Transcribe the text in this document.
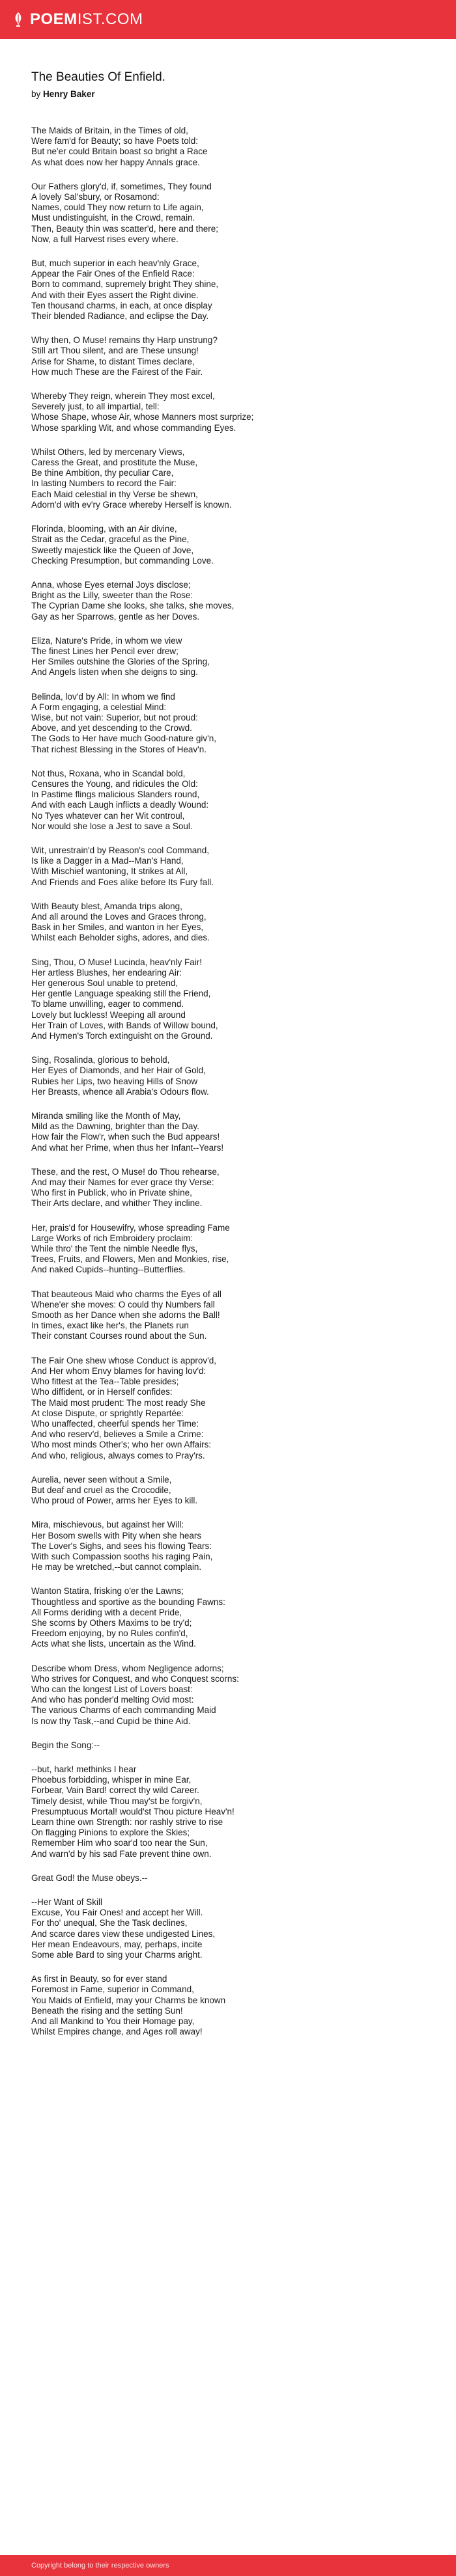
POEMIST.COM
The Beauties Of Enfield.
by Henry Baker
The Maids of Britain, in the Times of old,
Were fam'd for Beauty; so have Poets told:
But ne'er could Britain boast so bright a Race
As what does now her happy Annals grace.
Our Fathers glory'd, if, sometimes, They found
A lovely Sal'sbury, or Rosamond:
Names, could They now return to Life again,
Must undistinguisht, in the Crowd, remain.
Then, Beauty thin was scatter'd, here and there;
Now, a full Harvest rises every where.
But, much superior in each heav'nly Grace,
Appear the Fair Ones of the Enfield Race:
Born to command, supremely bright They shine,
And with their Eyes assert the Right divine.
Ten thousand charms, in each, at once display
Their blended Radiance, and eclipse the Day.
Why then, O Muse! remains thy Harp unstrung?
Still art Thou silent, and are These unsung!
Arise for Shame, to distant Times declare,
How much These are the Fairest of the Fair.
Whereby They reign, wherein They most excel,
Severely just, to all impartial, tell:
Whose Shape, whose Air, whose Manners most surprize;
Whose sparkling Wit, and whose commanding Eyes.
Whilst Others, led by mercenary Views,
Caress the Great, and prostitute the Muse,
Be thine Ambition, thy peculiar Care,
In lasting Numbers to record the Fair:
Each Maid celestial in thy Verse be shewn,
Adorn'd with ev'ry Grace whereby Herself is known.
Florinda, blooming, with an Air divine,
Strait as the Cedar, graceful as the Pine,
Sweetly majestick like the Queen of Jove,
Checking Presumption, but commanding Love.
Anna, whose Eyes eternal Joys disclose;
Bright as the Lilly, sweeter than the Rose:
The Cyprian Dame she looks, she talks, she moves,
Gay as her Sparrows, gentle as her Doves.
Eliza, Nature's Pride, in whom we view
The finest Lines her Pencil ever drew;
Her Smiles outshine the Glories of the Spring,
And Angels listen when she deigns to sing.
Belinda, lov'd by All: In whom we find
A Form engaging, a celestial Mind:
Wise, but not vain: Superior, but not proud:
Above, and yet descending to the Crowd.
The Gods to Her have much Good-nature giv'n,
That richest Blessing in the Stores of Heav'n.
Not thus, Roxana, who in Scandal bold,
Censures the Young, and ridicules the Old:
In Pastime flings malicious Slanders round,
And with each Laugh inflicts a deadly Wound:
No Tyes whatever can her Wit controul,
Nor would she lose a Jest to save a Soul.
Wit, unrestrain'd by Reason's cool Command,
Is like a Dagger in a Mad--Man's Hand,
With Mischief wantoning, It strikes at All,
And Friends and Foes alike before Its Fury fall.
With Beauty blest, Amanda trips along,
And all around the Loves and Graces throng,
Bask in her Smiles, and wanton in her Eyes,
Whilst each Beholder sighs, adores, and dies.
Sing, Thou, O Muse! Lucinda, heav'nly Fair!
Her artless Blushes, her endearing Air:
Her generous Soul unable to pretend,
Her gentle Language speaking still the Friend,
To blame unwilling, eager to commend.
Lovely but luckless! Weeping all around
Her Train of Loves, with Bands of Willow bound,
And Hymen's Torch extinguisht on the Ground.
Sing, Rosalinda, glorious to behold,
Her Eyes of Diamonds, and her Hair of Gold,
Rubies her Lips, two heaving Hills of Snow
Her Breasts, whence all Arabia's Odours flow.
Miranda smiling like the Month of May,
Mild as the Dawning, brighter than the Day.
How fair the Flow'r, when such the Bud appears!
And what her Prime, when thus her Infant--Years!
These, and the rest, O Muse! do Thou rehearse,
And may their Names for ever grace thy Verse:
Who first in Publick, who in Private shine,
Their Arts declare, and whither They incline.
Her, prais'd for Housewifry, whose spreading Fame
Large Works of rich Embroidery proclaim:
While thro' the Tent the nimble Needle flys,
Trees, Fruits, and Flowers, Men and Monkies, rise,
And naked Cupids--hunting--Butterflies.
That beauteous Maid who charms the Eyes of all
Whene'er she moves: O could thy Numbers fall
Smooth as her Dance when she adorns the Ball!
In times, exact like her's, the Planets run
Their constant Courses round about the Sun.
The Fair One shew whose Conduct is approv'd,
And Her whom Envy blames for having lov'd:
Who fittest at the Tea--Table presides;
Who diffident, or in Herself confides:
The Maid most prudent: The most ready She
At close Dispute, or sprightly Repartée:
Who unaffected, cheerful spends her Time:
And who reserv'd, believes a Smile a Crime:
Who most minds Other's; who her own Affairs:
And who, religious, always comes to Pray'rs.
Aurelia, never seen without a Smile,
But deaf and cruel as the Crocodile,
Who proud of Power, arms her Eyes to kill.
Mira, mischievous, but against her Will:
Her Bosom swells with Pity when she hears
The Lover's Sighs, and sees his flowing Tears:
With such Compassion sooths his raging Pain,
He may be wretched,--but cannot complain.
Wanton Statira, frisking o'er the Lawns;
Thoughtless and sportive as the bounding Fawns:
All Forms deriding with a decent Pride,
She scorns by Others Maxims to be try'd;
Freedom enjoying, by no Rules confin'd,
Acts what she lists, uncertain as the Wind.
Describe whom Dress, whom Negligence adorns;
Who strives for Conquest, and who Conquest scorns:
Who can the longest List of Lovers boast:
And who has ponder'd melting Ovid most:
The various Charms of each commanding Maid
Is now thy Task,--and Cupid be thine Aid.
Begin the Song:--
--but, hark! methinks I hear
Phoebus forbidding, whisper in mine Ear,
Forbear, Vain Bard! correct thy wild Career.
Timely desist, while Thou may'st be forgiv'n,
Presumptuous Mortal! would'st Thou picture Heav'n!
Learn thine own Strength: nor rashly strive to rise
On flagging Pinions to explore the Skies;
Remember Him who soar'd too near the Sun,
And warn'd by his sad Fate prevent thine own.
Great God! the Muse obeys.--
--Her Want of Skill
Excuse, You Fair Ones! and accept her Will.
For tho' unequal, She the Task declines,
And scarce dares view these undigested Lines,
Her mean Endeavours, may, perhaps, incite
Some able Bard to sing your Charms aright.
As first in Beauty, so for ever stand
Foremost in Fame, superior in Command,
You Maids of Enfield, may your Charms be known
Beneath the rising and the setting Sun!
And all Mankind to You their Homage pay,
Whilst Empires change, and Ages roll away!
Copyright belong to their respective owners
